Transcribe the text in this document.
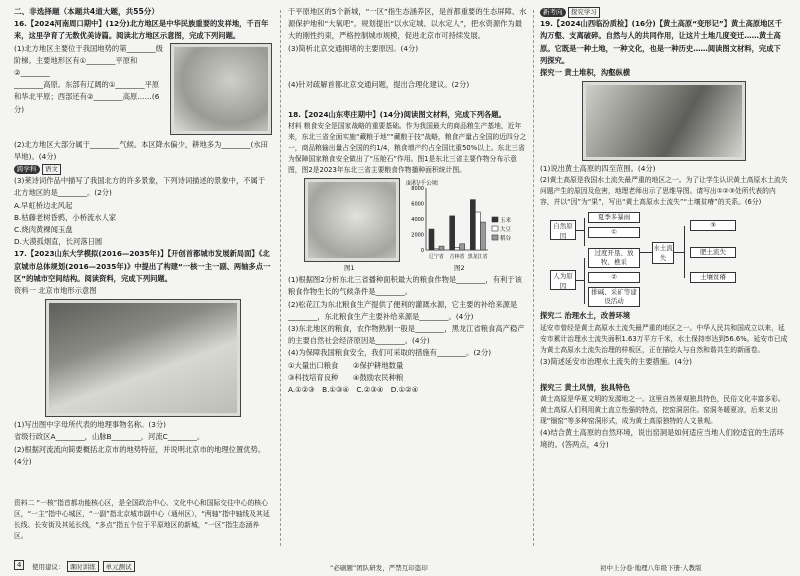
二、非选择题（本题共4道大题，共55分）

16.【2024河南周口期中】(12分)北方地区是中华民族重要的发祥地，千百年来，这里孕育了无数优美诗篇。阅读北方地区示意图，完成下列问题。

(1)北方地区主要位于我国地势的第________级阶梯。主要地形区有①________平原和②________

________高原。东部有辽阔的①________平原和华北平原；西部还有②________高原……(6分)

(2)北方地区大部分属于________气候。本区降水偏少，耕地多为________(水田 旱地)。(4分)

跨学科 语文

(3)莱诗词作品中描写了我国北方的许多景象，下列诗词描述的景象中，不属于北方地区的是________。(2分)

A.早虹桥边北风起

B.枯藤老树昏鸦，小桥流水人家

C.烧肉黄稞闻玉盘

D.大漠孤烟直，长河落日圆

17.【2023山东大学模拟(2016—2035年)】【开创首都城市发展新局面】《北京城市总体规划(2016—2035年)》中提出了构建“一核一主一副、两轴多点一区”的城市空间结构。阅读资料，完成下列问题。

资料一 北京市地形示意图

(1)写出图中字母所代表的地理事物名称。(3分)

省级行政区A________，山脉B________，河流C________。

(2)根据河流流向简要概括北京市的地势特征，并说明北京市的地理位置优势。(4分)

资料二 “一核”指首都功能核心区，是全国政治中心、文化中心和国际交往中心的核心区，“一主”指中心城区，“一副”指北京城市副中心（通州区），“两轴”指中轴线及其延长线、长安街及其延长线，“多点”指五个位于平原地区的新城，“一区”指生态涵养区。

于平原地区的5个新城，“一区”指生态涵养区，是首都重要的生态屏障、水源保护地和“大氧吧”。规划提出“以水定城、以水定人”，把水资源作为最大的刚性约束，严格控制城市规模，促进北京市可持续发展。

(3)简析北京交通拥堵的主要原因。(4分)

(4)针对疏解首都北京交通问题，提出合理化建议。(2分)

18.【2024山东枣庄期中】(14分)阅读图文材料，完成下列各题。

材料 粮食安全是国家战略的重要基础。作为我国最大的商品粮生产基地，近年来，东北三省全面实施“藏粮于地”“藏粮于技”战略，粮食产量占全国的近四分之一，商品粮输出量占全国的约1/4，粮食增产约占全国比重50%以上。东北三省为保障国家粮食安全做出了“压舱石”作用。图1是东北三省主要作物分布示意图，图2是2023年东北三省主要粮食作物播种面积统计图。

图1
面积/千公顷
8000
6000
4000
2000
0
辽宁省 吉林省 黑龙江省
玉米
大豆
稻谷
图2

(1)根据图2分析东北三省播种面积最大的粮食作物是________，有利于该粮食作物生长的气候条件是________。

(2)松花江为东北粮食生产提供了便利的灌溉水源，它主要的补给来源是________，东北粮食生产主要补给来源是________。(4分)

(3)东北地区的粮食，农作物熟制一般是________，黑龙江省粮食高产稳产的主要自然社会经济原因是________。(4分)

(4)为保障我国粮食安全，我们可采取的措施有________。(2分)

①大量出口粮食　　 ②保护耕地数量

③科技培育良种　　 ④鼓励农民种粮

A.①②③　 B.①③④　 C.②③④　 D.①②④

新考向 探究学习

19.【2024山西临汾质检】(16分)【黄土高原“变形记”】黄土高原地区千沟万壑、支离破碎。自然与人的共同作用，让这片土地几度变迁……黄土高原。它既是一种土地，一种文化，也是一种历史……阅读图文材料，完成下列探究。

探究一 黄土堆积，沟壑纵横

(1)说出黄土高原的四至范围。(4分)

(2)黄土高原是我国水土流失最严重的地区之一。为了让学生认识黄土高原水土流失问题产生的原因及危害，地理老师出示了思维导图。请写出①②③处所代表的内容，并以“因”为“果”，写出“黄土高原水土流失”“土壤贫瘠”的关系。(6分)

自然原因
人为原因
夏季多暴雨
①
过度开垦、放牧、樵采
②
排碱、采矿等建设活动
水土流失
③
肥土流失
土壤贫瘠

探究二 治理水土，改善环境

延安市曾经是黄土高原水土流失最严重的地区之一。中华人民共和国成立以来，延安市累计治理水土流失面积1.63万平方千米，水土保持率达到56.6%。延安市已成为黄土高原水土流失治理的样板区，正在描绘人与自然和谐共生的新画卷。

(3)简述延安市治理水土流失的主要措施。(4分)

探究三 黄土风情，独具特色

黄土高原是华夏文明的发源地之一。这里自然景观独具特色，民俗文化丰富多彩。黄土高原人们利用黄土直立性强的特点，挖窑洞居住。窑洞冬暖夏凉，后来又出现“锢窑”等多种窑洞形式，成为黄土高原独特的人文景观。

(4)结合黄土高原的自然环境，说出窑洞是如何适应当地人们较适宜的生活环境的。(答两点，4分)

4	使用建议： 课时训练 单元测试	“必刷题”团队研发，严禁互印盗印	初中上分卷·地理八年级下册·人教版
